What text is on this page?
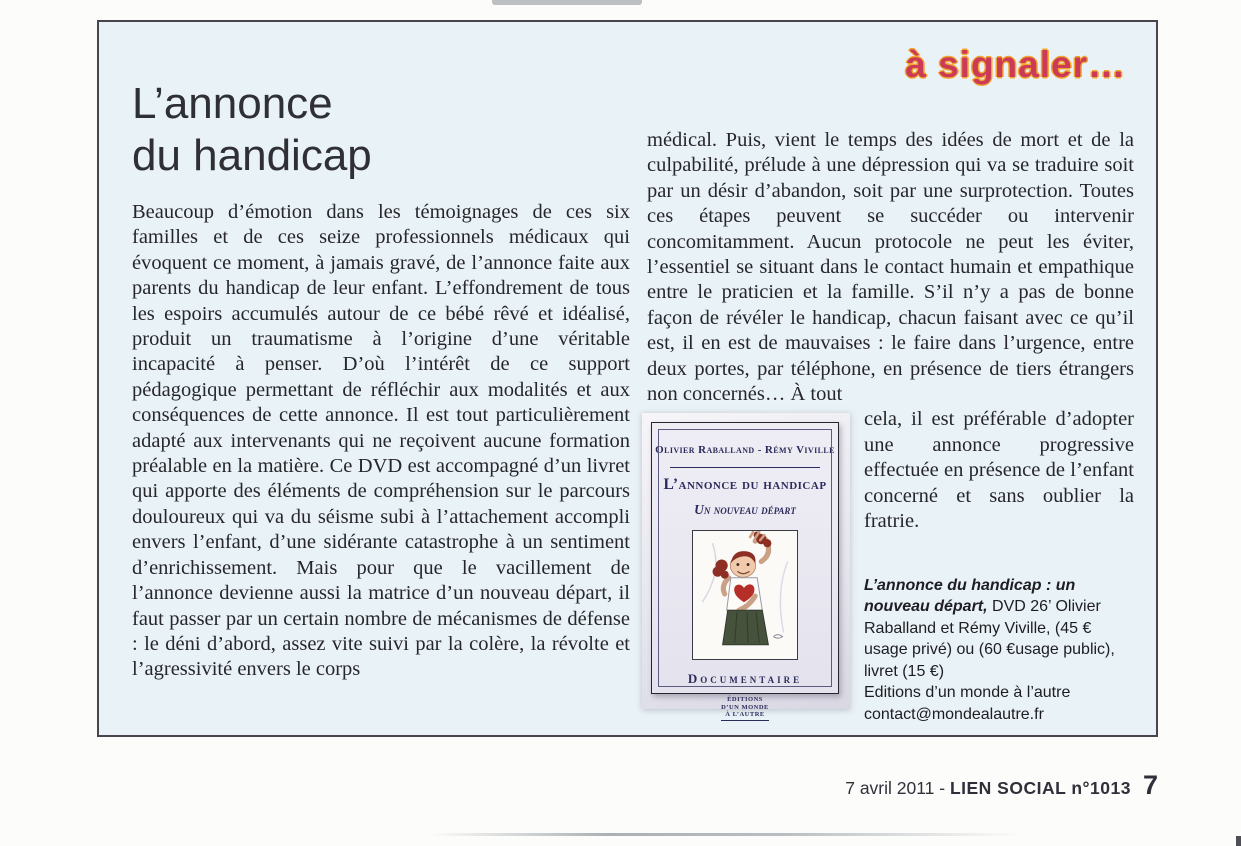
à signaler…
L’annonce
du handicap
Beaucoup d’émotion dans les témoignages de ces six familles et de ces seize professionnels médicaux qui évoquent ce moment, à jamais gravé, de l’annonce faite aux parents du handicap de leur enfant. L’effondrement de tous les espoirs accumulés autour de ce bébé rêvé et idéalisé, produit un traumatisme à l’origine d’une véritable incapacité à penser. D’où l’intérêt de ce support pédagogique permettant de réfléchir aux modalités et aux conséquences de cette annonce. Il est tout particulièrement adapté aux intervenants qui ne reçoivent aucune formation préalable en la matière. Ce DVD est accompagné d’un livret qui apporte des éléments de compréhension sur le parcours douloureux qui va du séisme subi à l’attachement accompli envers l’enfant, d’une sidérante catastrophe à un sentiment d’enrichissement. Mais pour que le vacillement de l’annonce devienne aussi la matrice d’un nouveau départ, il faut passer par un certain nombre de mécanismes de défense : le déni d’abord, assez vite suivi par la colère, la révolte et l’agressivité envers le corps

médical. Puis, vient le temps des idées de mort et de la culpabilité, prélude à une dépression qui va se traduire soit par un désir d’abandon, soit par une surprotection. Toutes ces étapes peuvent se succéder ou intervenir concomitamment. Aucun protocole ne peut les éviter, l’essentiel se situant dans le contact humain et empathique entre le praticien et la famille. S’il n’y a pas de bonne façon de révéler le handicap, chacun faisant avec ce qu’il est, il en est de mauvaises : le faire dans l’urgence, entre deux portes, par téléphone, en présence de tiers étrangers non concernés… À tout

Olivier Raballand - Rémy Viville
L’annonce du handicap
Un nouveau départ
Documentaire
ÉDITIONS
D’UN MONDE
À L’AUTRE
cela, il est préférable d’adopter une annonce progressive effectuée en présence de l’enfant concerné et sans oublier la fratrie.
L’annonce du handicap : un nouveau départ, DVD 26’ Olivier Raballand et Rémy Viville, (45 € usage privé) ou (60 €usage public), livret (15 €)
Editions d’un monde à l’autre
contact@mondealautre.fr
7 avril 2011 - LIEN SOCIAL n°1013 7
